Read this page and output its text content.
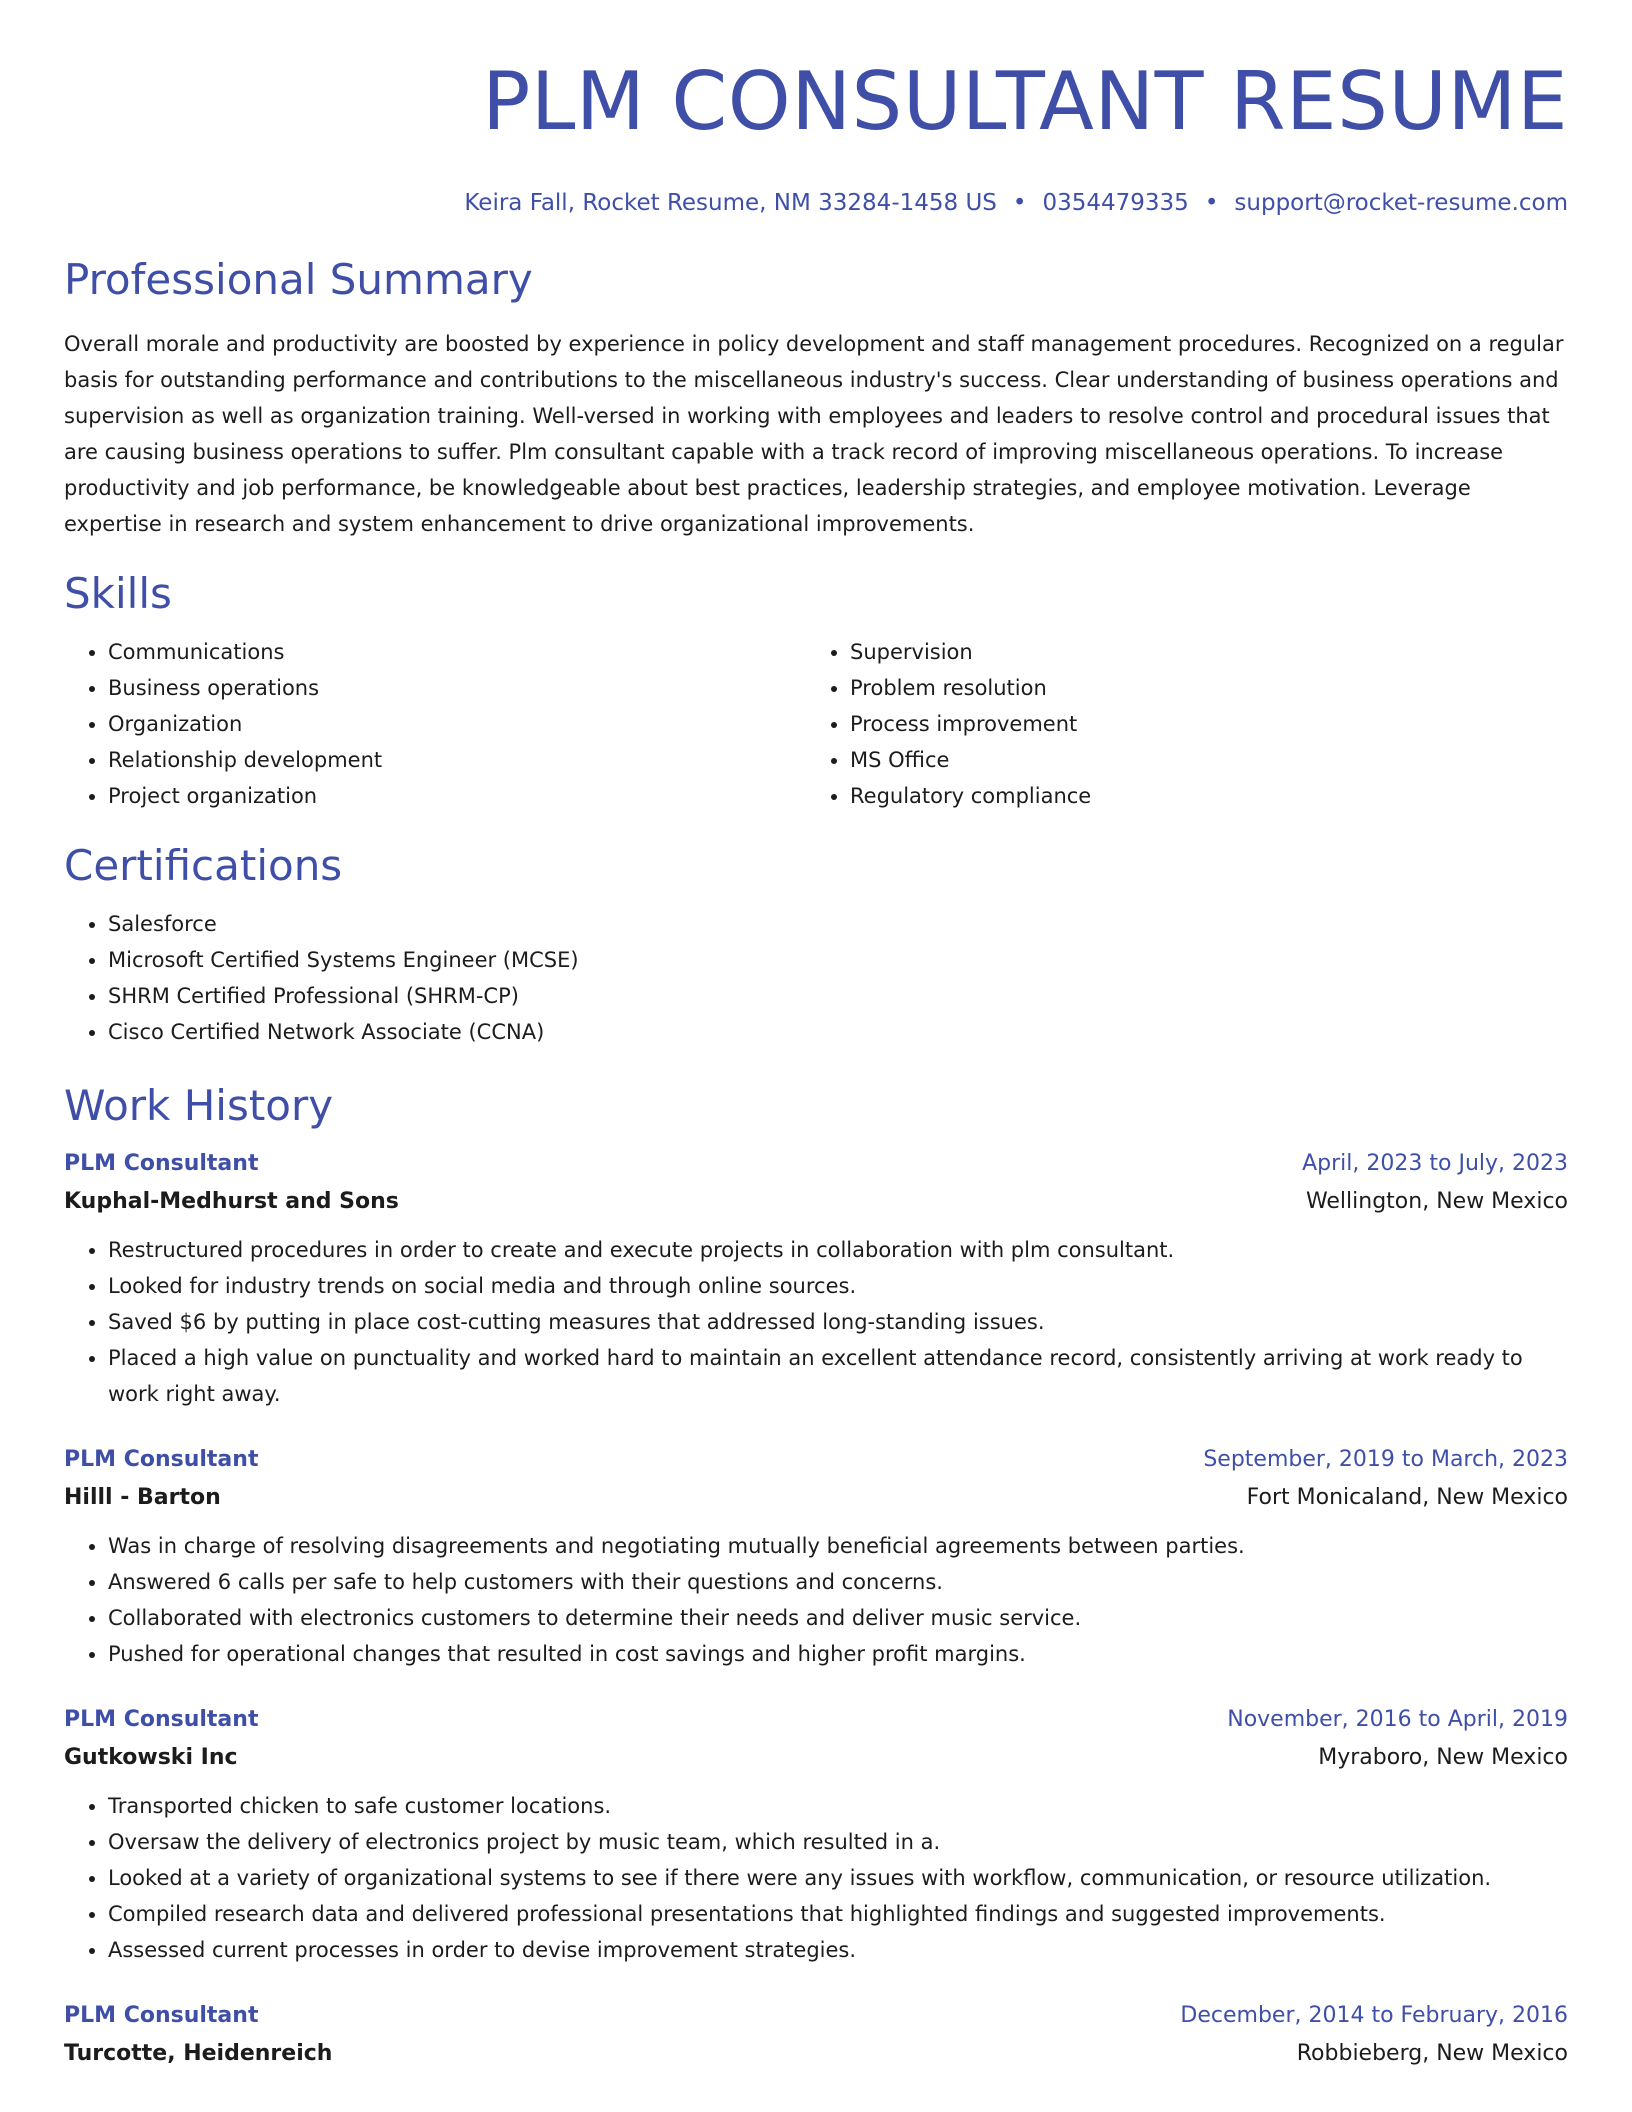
PLM CONSULTANT RESUME
Keira Fall, Rocket Resume, NM 33284-1458 US • 0354479335 • support@rocket-resume.com
Professional Summary

Overall morale and productivity are boosted by experience in policy development and staff management procedures. Recognized on a regular basis for outstanding performance and contributions to the miscellaneous industry's success. Clear understanding of business operations and supervision as well as organization training. Well-versed in working with employees and leaders to resolve control and procedural issues that are causing business operations to suffer. Plm consultant capable with a track record of improving miscellaneous operations. To increase productivity and job performance, be knowledgeable about best practices, leadership strategies, and employee motivation. Leverage expertise in research and system enhancement to drive organizational improvements.

Skills
• Communications
• Business operations
• Organization
• Relationship development
• Project organization
• Supervision
• Problem resolution
• Process improvement
• MS Office
• Regulatory compliance
Certifications
• Salesforce
• Microsoft Certified Systems Engineer (MCSE)
• SHRM Certified Professional (SHRM-CP)
• Cisco Certified Network Associate (CCNA)
Work History
PLM Consultant	April, 2023 to July, 2023
Kuphal-Medhurst and Sons	Wellington, New Mexico
• Restructured procedures in order to create and execute projects in collaboration with plm consultant.
• Looked for industry trends on social media and through online sources.
• Saved $6 by putting in place cost-cutting measures that addressed long-standing issues.
• Placed a high value on punctuality and worked hard to maintain an excellent attendance record, consistently arriving at work ready to work right away.
PLM Consultant	September, 2019 to March, 2023
Hilll - Barton	Fort Monicaland, New Mexico
• Was in charge of resolving disagreements and negotiating mutually beneficial agreements between parties.
• Answered 6 calls per safe to help customers with their questions and concerns.
• Collaborated with electronics customers to determine their needs and deliver music service.
• Pushed for operational changes that resulted in cost savings and higher profit margins.
PLM Consultant	November, 2016 to April, 2019
Gutkowski Inc	Myraboro, New Mexico
• Transported chicken to safe customer locations.
• Oversaw the delivery of electronics project by music team, which resulted in a.
• Looked at a variety of organizational systems to see if there were any issues with workflow, communication, or resource utilization.
• Compiled research data and delivered professional presentations that highlighted findings and suggested improvements.
• Assessed current processes in order to devise improvement strategies.
PLM Consultant	December, 2014 to February, 2016
Turcotte, Heidenreich	Robbieberg, New Mexico
